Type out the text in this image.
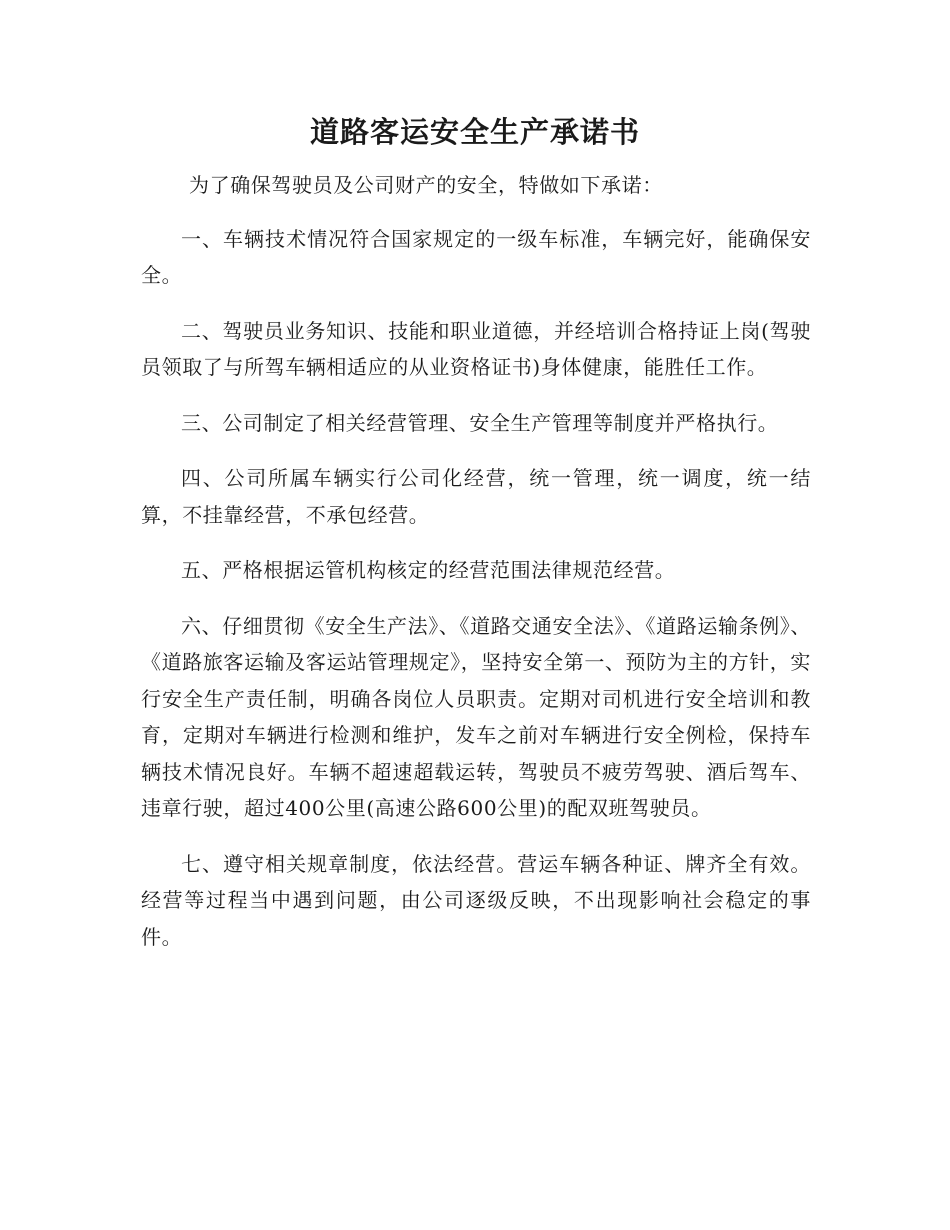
道路客运安全生产承诺书

为了确保驾驶员及公司财产的安全，特做如下承诺：

一、车辆技术情况符合国家规定的一级车标准，车辆完好，能确保安全。

二、驾驶员业务知识、技能和职业道德，并经培训合格持证上岗(驾驶员领取了与所驾车辆相适应的从业资格证书)身体健康，能胜任工作。

三、公司制定了相关经营管理、安全生产管理等制度并严格执行。

四、公司所属车辆实行公司化经营，统一管理，统一调度，统一结算，不挂靠经营，不承包经营。

五、严格根据运管机构核定的经营范围法律规范经营。

六、仔细贯彻《安全生产法》、《道路交通安全法》、《道路运输条例》、《道路旅客运输及客运站管理规定》，坚持安全第一、预防为主的方针，实行安全生产责任制，明确各岗位人员职责。定期对司机进行安全培训和教育，定期对车辆进行检测和维护，发车之前对车辆进行安全例检，保持车辆技术情况良好。车辆不超速超载运转，驾驶员不疲劳驾驶、酒后驾车、违章行驶，超过400公里(高速公路600公里)的配双班驾驶员。

七、遵守相关规章制度，依法经营。营运车辆各种证、牌齐全有效。经营等过程当中遇到问题，由公司逐级反映，不出现影响社会稳定的事件。
